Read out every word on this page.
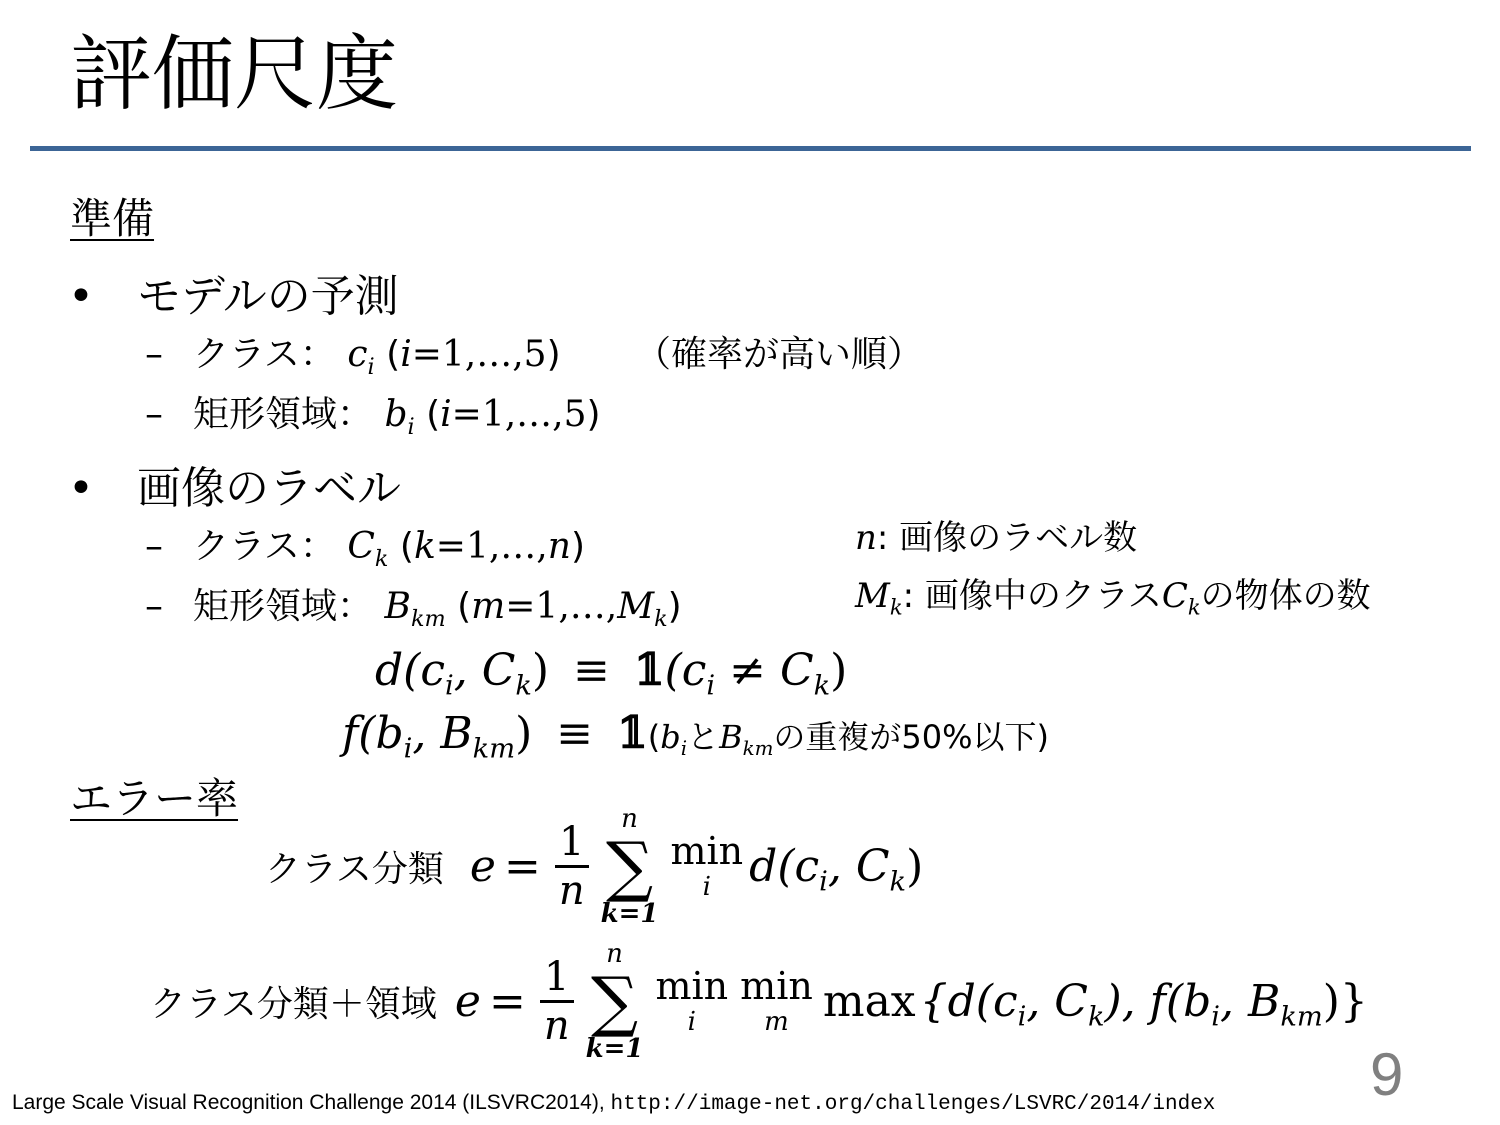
評価尺度
準備
• モデルの予測
– クラス： $c_i$ (i=1,…,5) （確率が高い順）
– 矩形領域： $b_i$ (i=1,…,5)
• 画像のラベル
– クラス： $C_k$ (k=1,…,n)
– 矩形領域： $B_{km}$ $(m=1,\dots,M_k)$
n: 画像のラベル数
$M_k$: 画像中のクラス$C_k$の物体の数
$d(c_i$, $C_k$) ≡ $𝟙(c_i \ne C_k)$
$f(b_i$, $B_{km}$) ≡ $𝟙(b_i$と$B_{km}$の重複が50%以下)
エラー率
クラス分類 $e = \frac{1}{n}$
n
∑
k=1
min
i $d(c_i$, $C_k$)
クラス分類＋領域 $e = \frac{1}{n}$
n
∑
k=1
min
i
min
m $\max \{d(c_i$, $C_k$), $f(b_i$, $B_{km}$)}
9
Large Scale Visual Recognition Challenge 2014 (ILSVRC2014), http://image-net.org/challenges/LSVRC/2014/index
